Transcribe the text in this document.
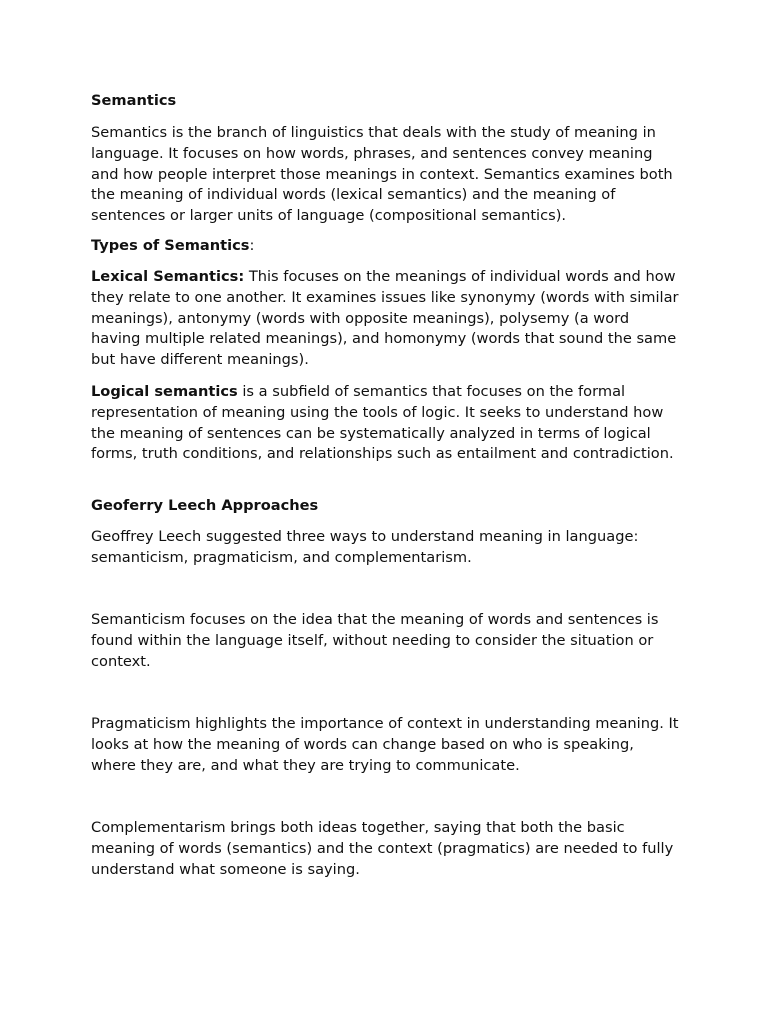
Semantics

Semantics is the branch of linguistics that deals with the study of meaning in language. It focuses on how words, phrases, and sentences convey meaning and how people interpret those meanings in context. Semantics examines both the meaning of individual words (lexical semantics) and the meaning of sentences or larger units of language (compositional semantics).

Types of Semantics:

Lexical Semantics: This focuses on the meanings of individual words and how they relate to one another. It examines issues like synonymy (words with similar meanings), antonymy (words with opposite meanings), polysemy (a word having multiple related meanings), and homonymy (words that sound the same but have different meanings).

Logical semantics is a subfield of semantics that focuses on the formal representation of meaning using the tools of logic. It seeks to understand how the meaning of sentences can be systematically analyzed in terms of logical forms, truth conditions, and relationships such as entailment and contradiction.

Geoferry Leech Approaches

Geoffrey Leech suggested three ways to understand meaning in language: semanticism, pragmaticism, and complementarism.

Semanticism focuses on the idea that the meaning of words and sentences is found within the language itself, without needing to consider the situation or context.

Pragmaticism highlights the importance of context in understanding meaning. It looks at how the meaning of words can change based on who is speaking, where they are, and what they are trying to communicate.

Complementarism brings both ideas together, saying that both the basic meaning of words (semantics) and the context (pragmatics) are needed to fully understand what someone is saying.
